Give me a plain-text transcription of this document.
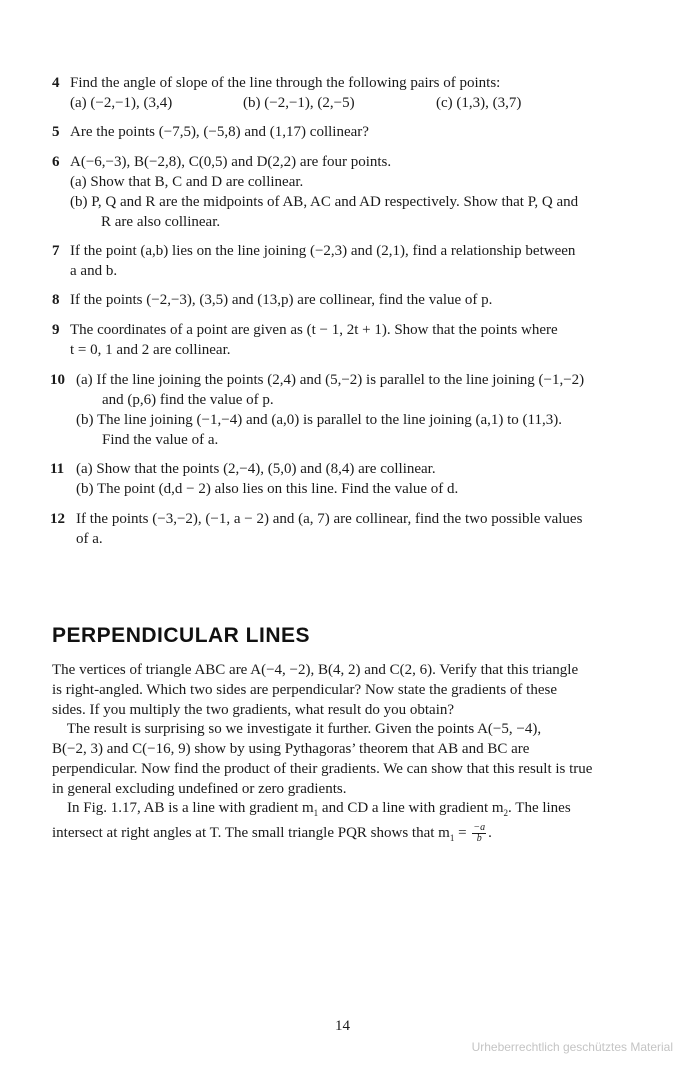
4 Find the angle of slope of the line through the following pairs of points:
(a) (−2,−1), (3,4)	(b) (−2,−1), (2,−5)	(c) (1,3), (3,7)
5 Are the points (−7,5), (−5,8) and (1,17) collinear?
6 A(−6,−3), B(−2,8), C(0,5) and D(2,2) are four points.
(a) Show that B, C and D are collinear.
(b) P, Q and R are the midpoints of AB, AC and AD respectively. Show that P, Q and
R are also collinear.
7 If the point (a,b) lies on the line joining (−2,3) and (2,1), find a relationship between
a and b.
8 If the points (−2,−3), (3,5) and (13,p) are collinear, find the value of p.
9 The coordinates of a point are given as (t − 1, 2t + 1). Show that the points where
t = 0, 1 and 2 are collinear.
10 (a) If the line joining the points (2,4) and (5,−2) is parallel to the line joining (−1,−2)
and (p,6) find the value of p.
(b) The line joining (−1,−4) and (a,0) is parallel to the line joining (a,1) to (11,3).
Find the value of a.
11 (a) Show that the points (2,−4), (5,0) and (8,4) are collinear.
(b) The point (d,d − 2) also lies on this line. Find the value of d.
12 If the points (−3,−2), (−1, a − 2) and (a, 7) are collinear, find the two possible values
of a.
PERPENDICULAR LINES
The vertices of triangle ABC are A(−4, −2), B(4, 2) and C(2, 6). Verify that this triangle
is right-angled. Which two sides are perpendicular? Now state the gradients of these
sides. If you multiply the two gradients, what result do you obtain?
The result is surprising so we investigate it further. Given the points A(−5, −4),
B(−2, 3) and C(−16, 9) show by using Pythagoras’ theorem that AB and BC are
perpendicular. Now find the product of their gradients. We can show that this result is true
in general excluding undefined or zero gradients.
In Fig. 1.17, AB is a line with gradient $m_1$ and CD a line with gradient $m_2$. The lines
intersect at right angles at T. The small triangle PQR shows that $m_1 = \frac{-a}{b}$ .
14
Urheberrechtlich geschütztes Material
